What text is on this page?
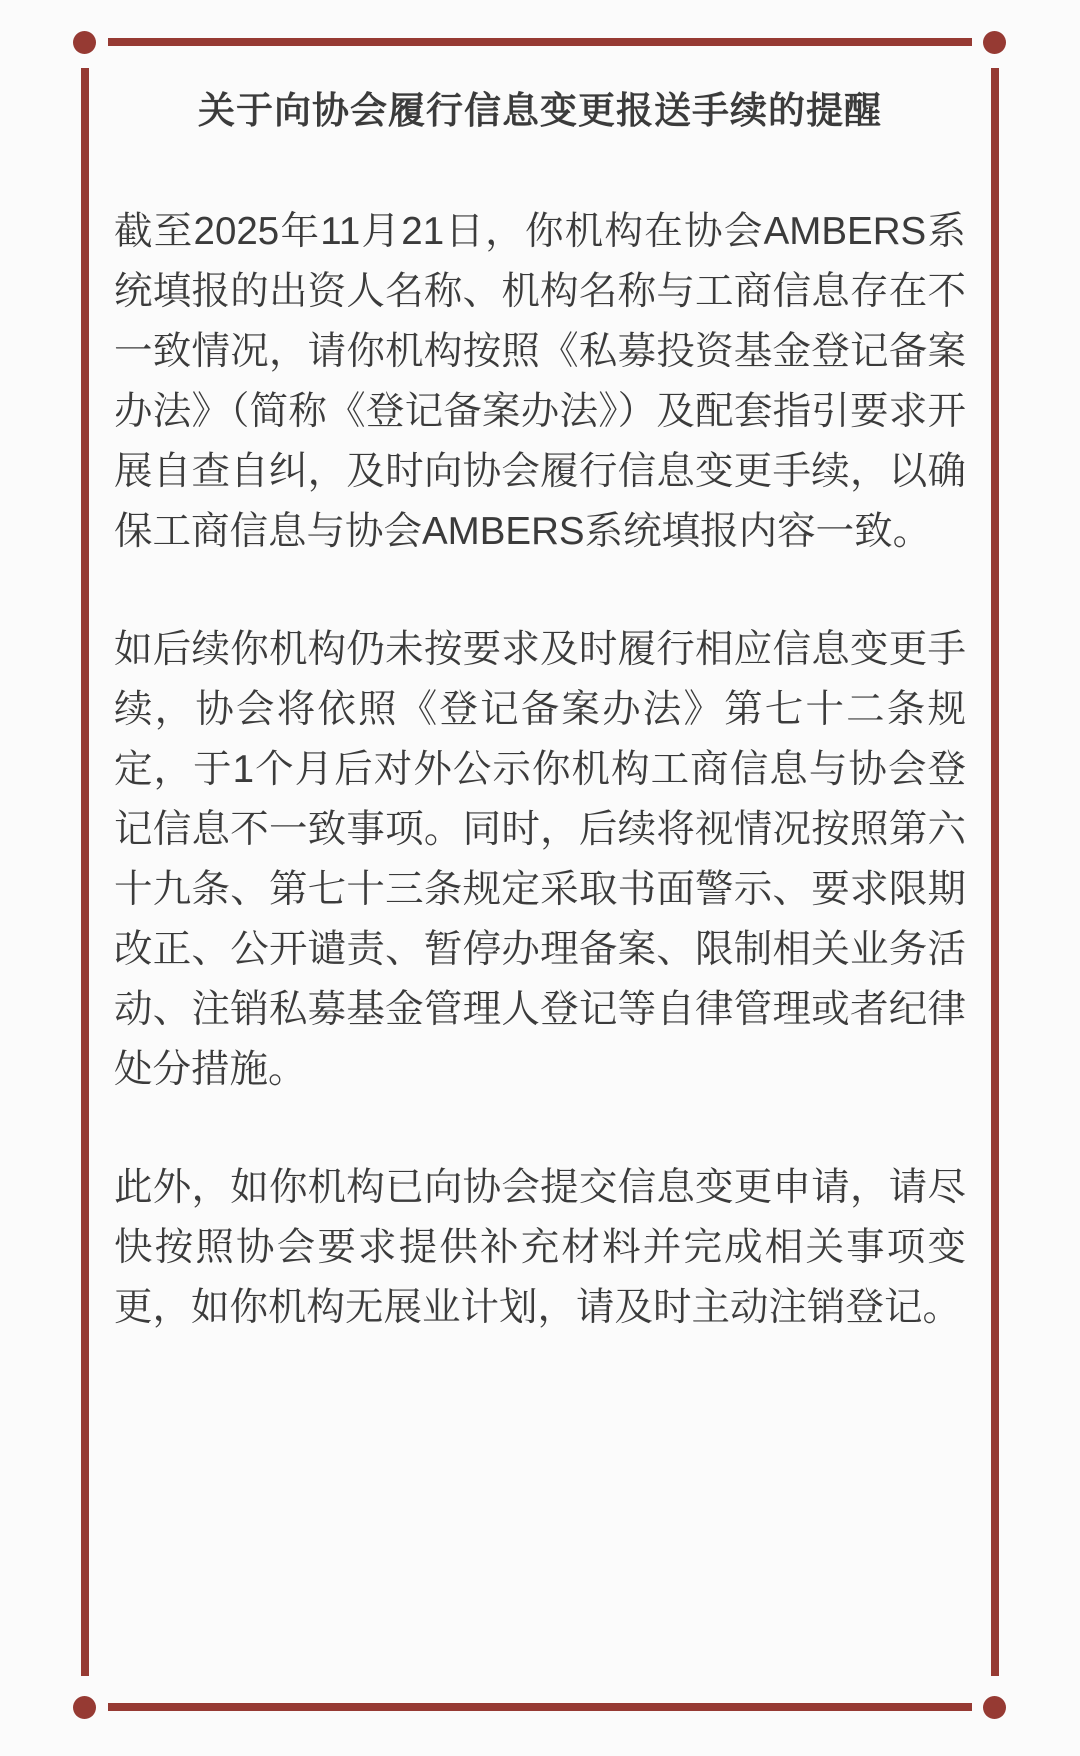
关于向协会履行信息变更报送手续的提醒

截至2025年11月21日，你机构在协会AMBERS系统填报的出资人名称、机构名称与工商信息存在不一致情况，请你机构按照《私募投资基金登记备案办法》（简称《登记备案办法》）及配套指引要求开展自查自纠，及时向协会履行信息变更手续，以确保工商信息与协会AMBERS系统填报内容一致。

如后续你机构仍未按要求及时履行相应信息变更手续，协会将依照《登记备案办法》第七十二条规定，于1个月后对外公示你机构工商信息与协会登记信息不一致事项。同时，后续将视情况按照第六十九条、第七十三条规定采取书面警示、要求限期改正、公开谴责、暂停办理备案、限制相关业务活动、注销私募基金管理人登记等自律管理或者纪律处分措施。

此外，如你机构已向协会提交信息变更申请，请尽快按照协会要求提供补充材料并完成相关事项变更，如你机构无展业计划，请及时主动注销登记。
